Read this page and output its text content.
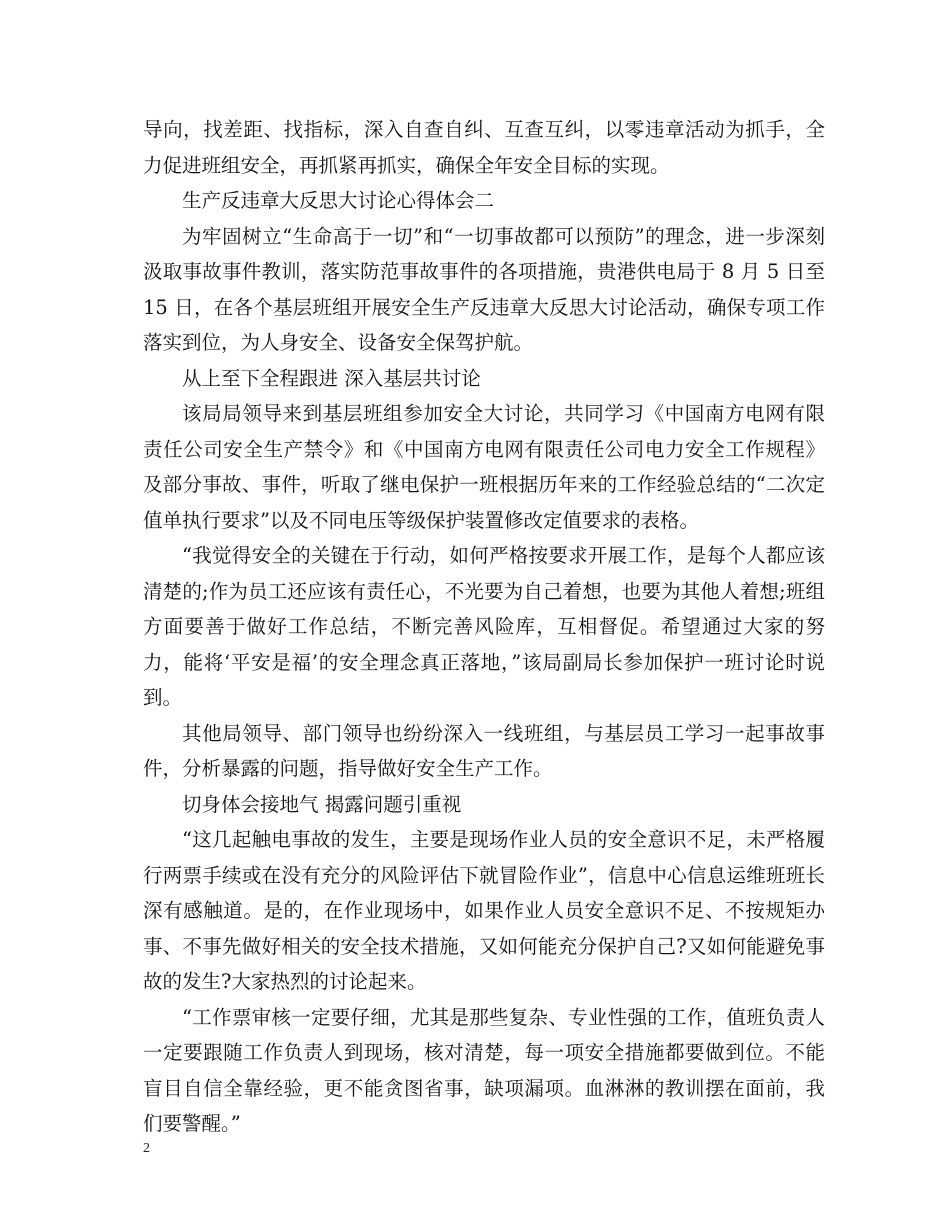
导向，找差距、找指标，深入自查自纠、互查互纠，以零违章活动为抓手，全力促进班组安全，再抓紧再抓实，确保全年安全目标的实现。

生产反违章大反思大讨论心得体会二

为牢固树立“生命高于一切”和“一切事故都可以预防”的理念，进一步深刻汲取事故事件教训，落实防范事故事件的各项措施，贵港供电局于 8 月 5 日至 15 日，在各个基层班组开展安全生产反违章大反思大讨论活动，确保专项工作落实到位，为人身安全、设备安全保驾护航。

从上至下全程跟进 深入基层共讨论

该局局领导来到基层班组参加安全大讨论，共同学习《中国南方电网有限责任公司安全生产禁令》和《中国南方电网有限责任公司电力安全工作规程》及部分事故、事件，听取了继电保护一班根据历年来的工作经验总结的“二次定值单执行要求”以及不同电压等级保护装置修改定值要求的表格。

“我觉得安全的关键在于行动，如何严格按要求开展工作，是每个人都应该清楚的;作为员工还应该有责任心，不光要为自己着想，也要为其他人着想;班组方面要善于做好工作总结，不断完善风险库，互相督促。希望通过大家的努力，能将‘平安是福’的安全理念真正落地，”该局副局长参加保护一班讨论时说到。

其他局领导、部门领导也纷纷深入一线班组，与基层员工学习一起事故事件，分析暴露的问题，指导做好安全生产工作。

切身体会接地气 揭露问题引重视

“这几起触电事故的发生，主要是现场作业人员的安全意识不足，未严格履行两票手续或在没有充分的风险评估下就冒险作业”，信息中心信息运维班班长深有感触道。是的，在作业现场中，如果作业人员安全意识不足、不按规矩办事、不事先做好相关的安全技术措施，又如何能充分保护自己?又如何能避免事故的发生?大家热烈的讨论起来。

“工作票审核一定要仔细，尤其是那些复杂、专业性强的工作，值班负责人一定要跟随工作负责人到现场，核对清楚，每一项安全措施都要做到位。不能盲目自信全靠经验，更不能贪图省事，缺项漏项。血淋淋的教训摆在面前，我们要警醒。”

2
